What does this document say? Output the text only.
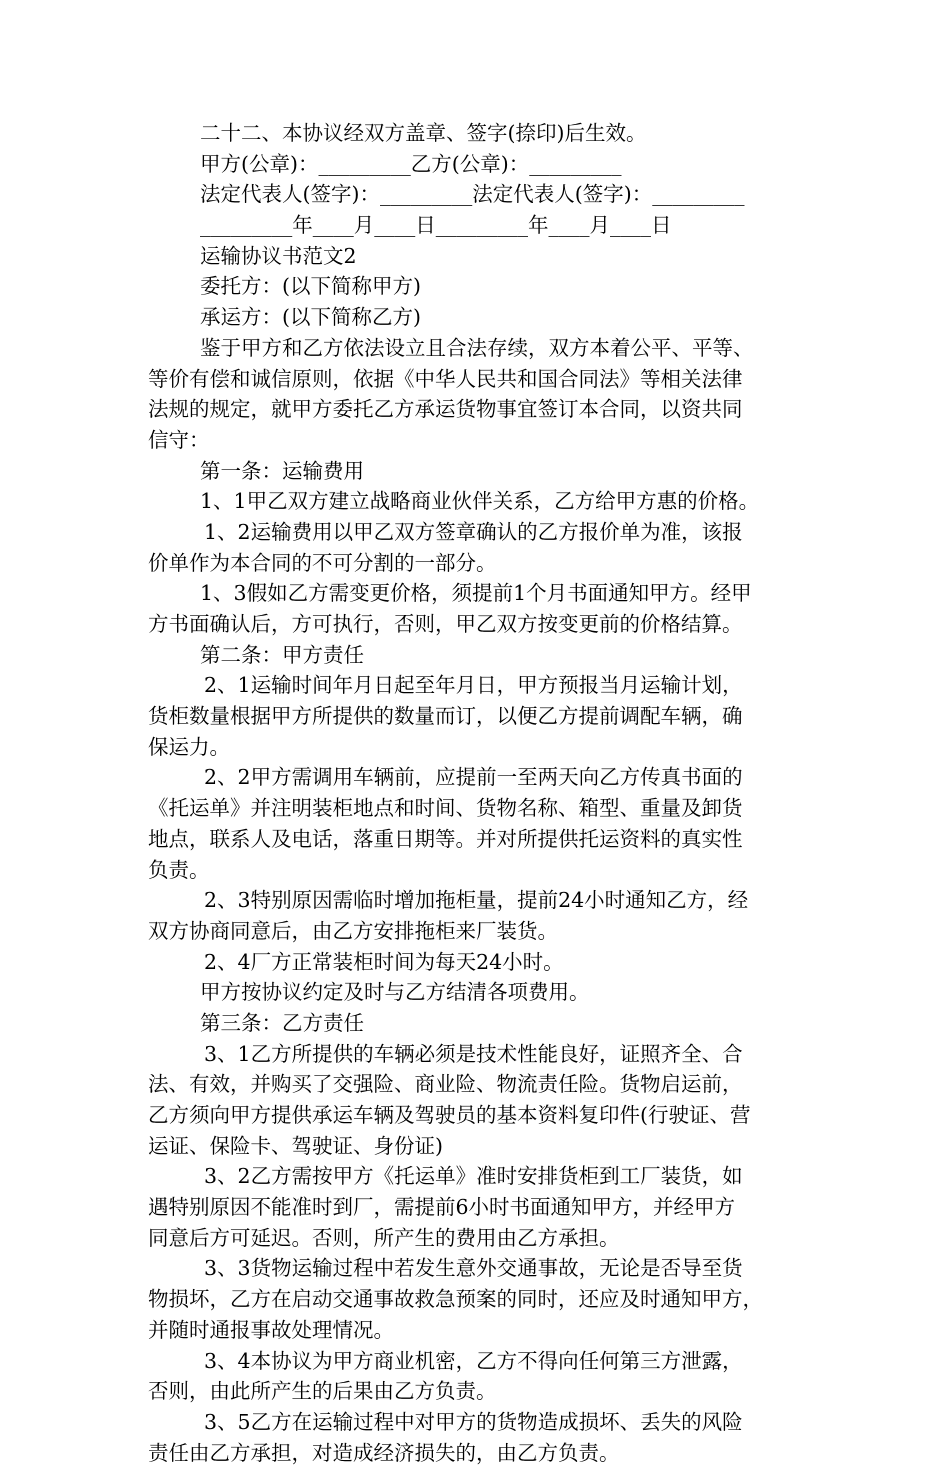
二十二、本协议经双方盖章、签字(捺印)后生效。
甲方(公章)：_________乙方(公章)：_________
法定代表人(签字)：_________法定代表人(签字)：_________
_________年____月____日_________年____月____日
运输协议书范文2
委托方：(以下简称甲方)
承运方：(以下简称乙方)
鉴于甲方和乙方依法设立且合法存续，双方本着公平、平等、
等价有偿和诚信原则，依据《中华人民共和国合同法》等相关法律
法规的规定，就甲方委托乙方承运货物事宜签订本合同，以资共同
信守：
第一条：运输费用
1、1甲乙双方建立战略商业伙伴关系，乙方给甲方惠的价格。
1、2运输费用以甲乙双方签章确认的乙方报价单为准，该报
价单作为本合同的不可分割的一部分。
1、3假如乙方需变更价格，须提前1个月书面通知甲方。经甲
方书面确认后，方可执行，否则，甲乙双方按变更前的价格结算。
第二条：甲方责任
2、1运输时间年月日起至年月日，甲方预报当月运输计划，
货柜数量根据甲方所提供的数量而订，以便乙方提前调配车辆，确
保运力。
2、2甲方需调用车辆前，应提前一至两天向乙方传真书面的
《托运单》并注明装柜地点和时间、货物名称、箱型、重量及卸货
地点，联系人及电话，落重日期等。并对所提供托运资料的真实性
负责。
2、3特别原因需临时增加拖柜量，提前24小时通知乙方，经
双方协商同意后，由乙方安排拖柜来厂装货。
2、4厂方正常装柜时间为每天24小时。
甲方按协议约定及时与乙方结清各项费用。
第三条：乙方责任
3、1乙方所提供的车辆必须是技术性能良好，证照齐全、合
法、有效，并购买了交强险、商业险、物流责任险。货物启运前，
乙方须向甲方提供承运车辆及驾驶员的基本资料复印件(行驶证、营
运证、保险卡、驾驶证、身份证)
3、2乙方需按甲方《托运单》准时安排货柜到工厂装货，如
遇特别原因不能准时到厂，需提前6小时书面通知甲方，并经甲方
同意后方可延迟。否则，所产生的费用由乙方承担。
3、3货物运输过程中若发生意外交通事故，无论是否导至货
物损坏，乙方在启动交通事故救急预案的同时，还应及时通知甲方，
并随时通报事故处理情况。
3、4本协议为甲方商业机密，乙方不得向任何第三方泄露，
否则，由此所产生的后果由乙方负责。
3、5乙方在运输过程中对甲方的货物造成损坏、丢失的风险
责任由乙方承担，对造成经济损失的，由乙方负责。
